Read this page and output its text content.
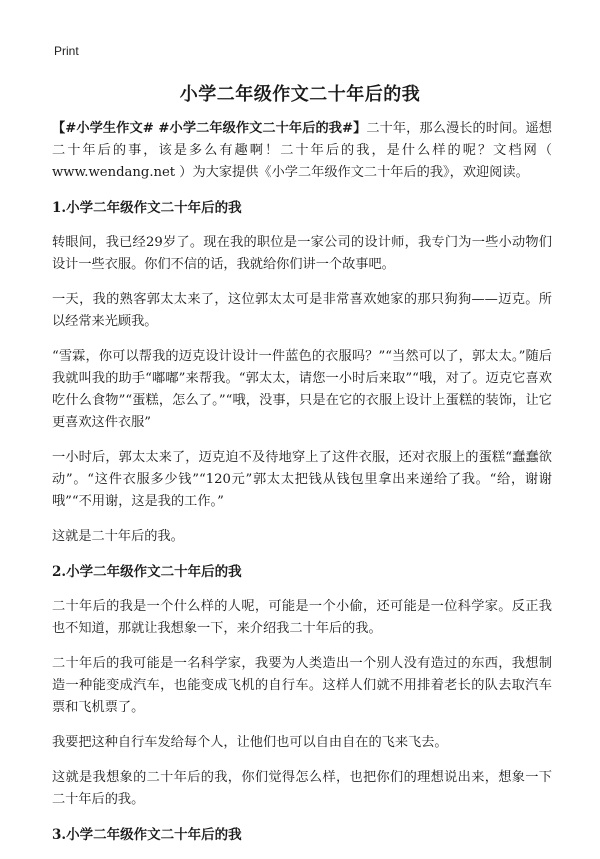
Print
小学二年级作文二十年后的我

【#小学生作文# #小学二年级作文二十年后的我#】二十年，那么漫长的时间。遥想二十年后的事，该是多么有趣啊！二十年后的我，是什么样的呢？文档网（ www.wendang.net ）为大家提供《小学二年级作文二十年后的我》，欢迎阅读。

1.小学二年级作文二十年后的我

转眼间，我已经29岁了。现在我的职位是一家公司的设计师，我专门为一些小动物们设计一些衣服。你们不信的话，我就给你们讲一个故事吧。

一天，我的熟客郭太太来了，这位郭太太可是非常喜欢她家的那只狗狗——迈克。所以经常来光顾我。

“雪霖，你可以帮我的迈克设计设计一件蓝色的衣服吗？”“当然可以了，郭太太。”随后我就叫我的助手“嘟嘟”来帮我。“郭太太，请您一小时后来取”“哦，对了。迈克它喜欢吃什么食物”“蛋糕，怎么了。”“哦，没事，只是在它的衣服上设计上蛋糕的装饰，让它更喜欢这件衣服”

一小时后，郭太太来了，迈克迫不及待地穿上了这件衣服，还对衣服上的蛋糕“蠢蠢欲动”。“这件衣服多少钱”“120元”郭太太把钱从钱包里拿出来递给了我。“给，谢谢哦”“不用谢，这是我的工作。”

这就是二十年后的我。

2.小学二年级作文二十年后的我

二十年后的我是一个什么样的人呢，可能是一个小偷，还可能是一位科学家。反正我也不知道，那就让我想象一下，来介绍我二十年后的我。

二十年后的我可能是一名科学家，我要为人类造出一个别人没有造过的东西，我想制造一种能变成汽车，也能变成飞机的自行车。这样人们就不用排着老长的队去取汽车票和飞机票了。

我要把这种自行车发给每个人，让他们也可以自由自在的飞来飞去。

这就是我想象的二十年后的我，你们觉得怎么样，也把你们的理想说出来，想象一下二十年后的我。

3.小学二年级作文二十年后的我
